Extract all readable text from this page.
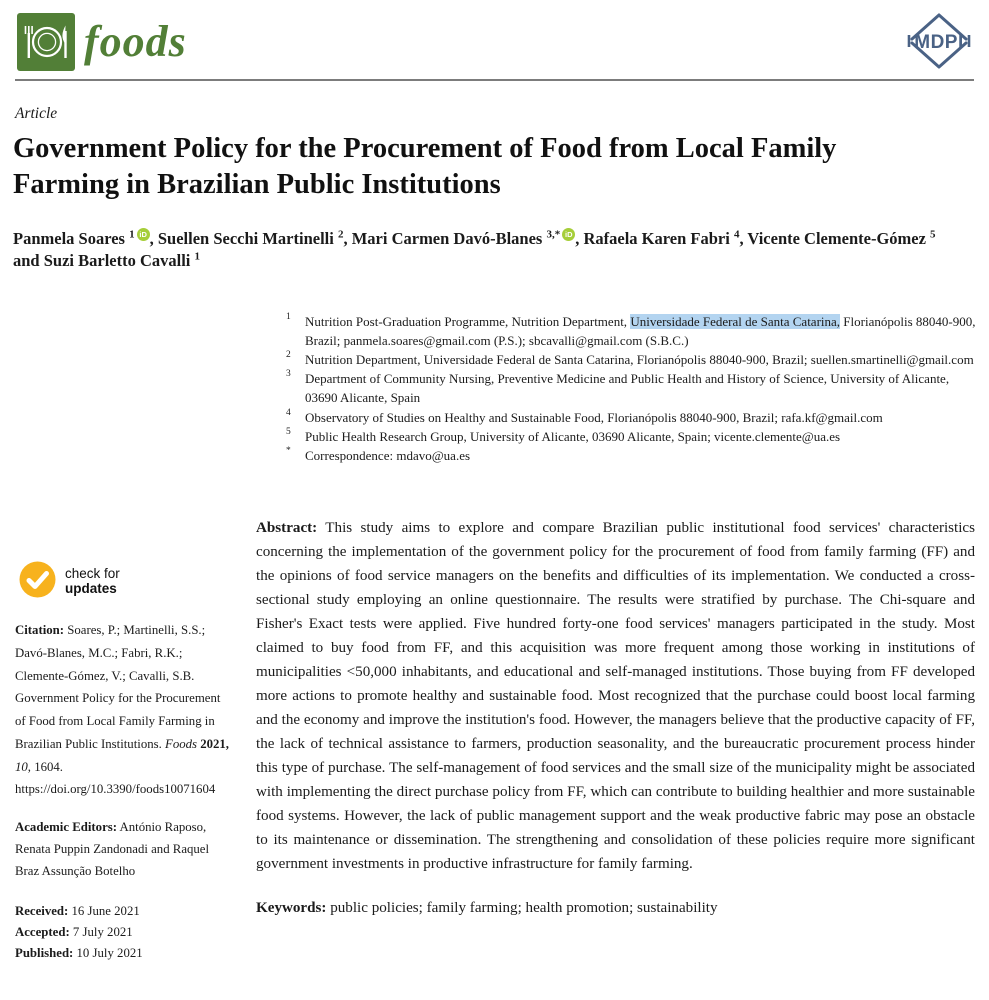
foods	MDPI
Article
Government Policy for the Procurement of Food from Local Family Farming in Brazilian Public Institutions
Panmela Soares $^1$ iD , Suellen Secchi Martinelli $^2$, Mari Carmen Davó-Blanes $^{3,*}$ iD , Rafaela Karen Fabri $^4$, Vicente Clemente-Gómez $^5$ and Suzi Barletto Cavalli $^1$
1 Nutrition Post-Graduation Programme, Nutrition Department, Universidade Federal de Santa Catarina, Florianópolis 88040-900, Brazil; panmela.soares@gmail.com (P.S.); sbcavalli@gmail.com (S.B.C.)
2 Nutrition Department, Universidade Federal de Santa Catarina, Florianópolis 88040-900, Brazil; suellen.smartinelli@gmail.com
3 Department of Community Nursing, Preventive Medicine and Public Health and History of Science, University of Alicante, 03690 Alicante, Spain
4 Observatory of Studies on Healthy and Sustainable Food, Florianópolis 88040-900, Brazil; rafa.kf@gmail.com
5 Public Health Research Group, University of Alicante, 03690 Alicante, Spain; vicente.clemente@ua.es
* Correspondence: mdavo@ua.es

Abstract: This study aims to explore and compare Brazilian public institutional food services' characteristics concerning the implementation of the government policy for the procurement of food from family farming (FF) and the opinions of food service managers on the benefits and difficulties of its implementation. We conducted a cross-sectional study employing an online questionnaire. The results were stratified by purchase. The Chi-square and Fisher's Exact tests were applied. Five hundred forty-one food services' managers participated in the study. Most claimed to buy food from FF, and this acquisition was more frequent among those working in institutions of municipalities <50,000 inhabitants, and educational and self-managed institutions. Those buying from FF developed more actions to promote healthy and sustainable food. Most recognized that the purchase could boost local farming and the economy and improve the institution's food. However, the managers believe that the productive capacity of FF, the lack of technical assistance to farmers, production seasonality, and the bureaucratic procurement process hinder this type of purchase. The self-management of food services and the small size of the municipality might be associated with implementing the direct purchase policy from FF, which can contribute to building healthier and more sustainable food systems. However, the lack of public management support and the weak productive fabric may pose an obstacle to its maintenance or dissemination. The strengthening and consolidation of these policies require more significant government investments in productive infrastructure for family farming.

Keywords: public policies; family farming; health promotion; sustainability

check for
updates
Citation: Soares, P.; Martinelli, S.S.; Davó-Blanes, M.C.; Fabri, R.K.; Clemente-Gómez, V.; Cavalli, S.B. Government Policy for the Procurement of Food from Local Family Farming in Brazilian Public Institutions. Foods 2021, 10, 1604. https://doi.org/10.3390/foods10071604
Academic Editors: António Raposo, Renata Puppin Zandonadi and Raquel Braz Assunção Botelho
Received: 16 June 2021
Accepted: 7 July 2021
Published: 10 July 2021
